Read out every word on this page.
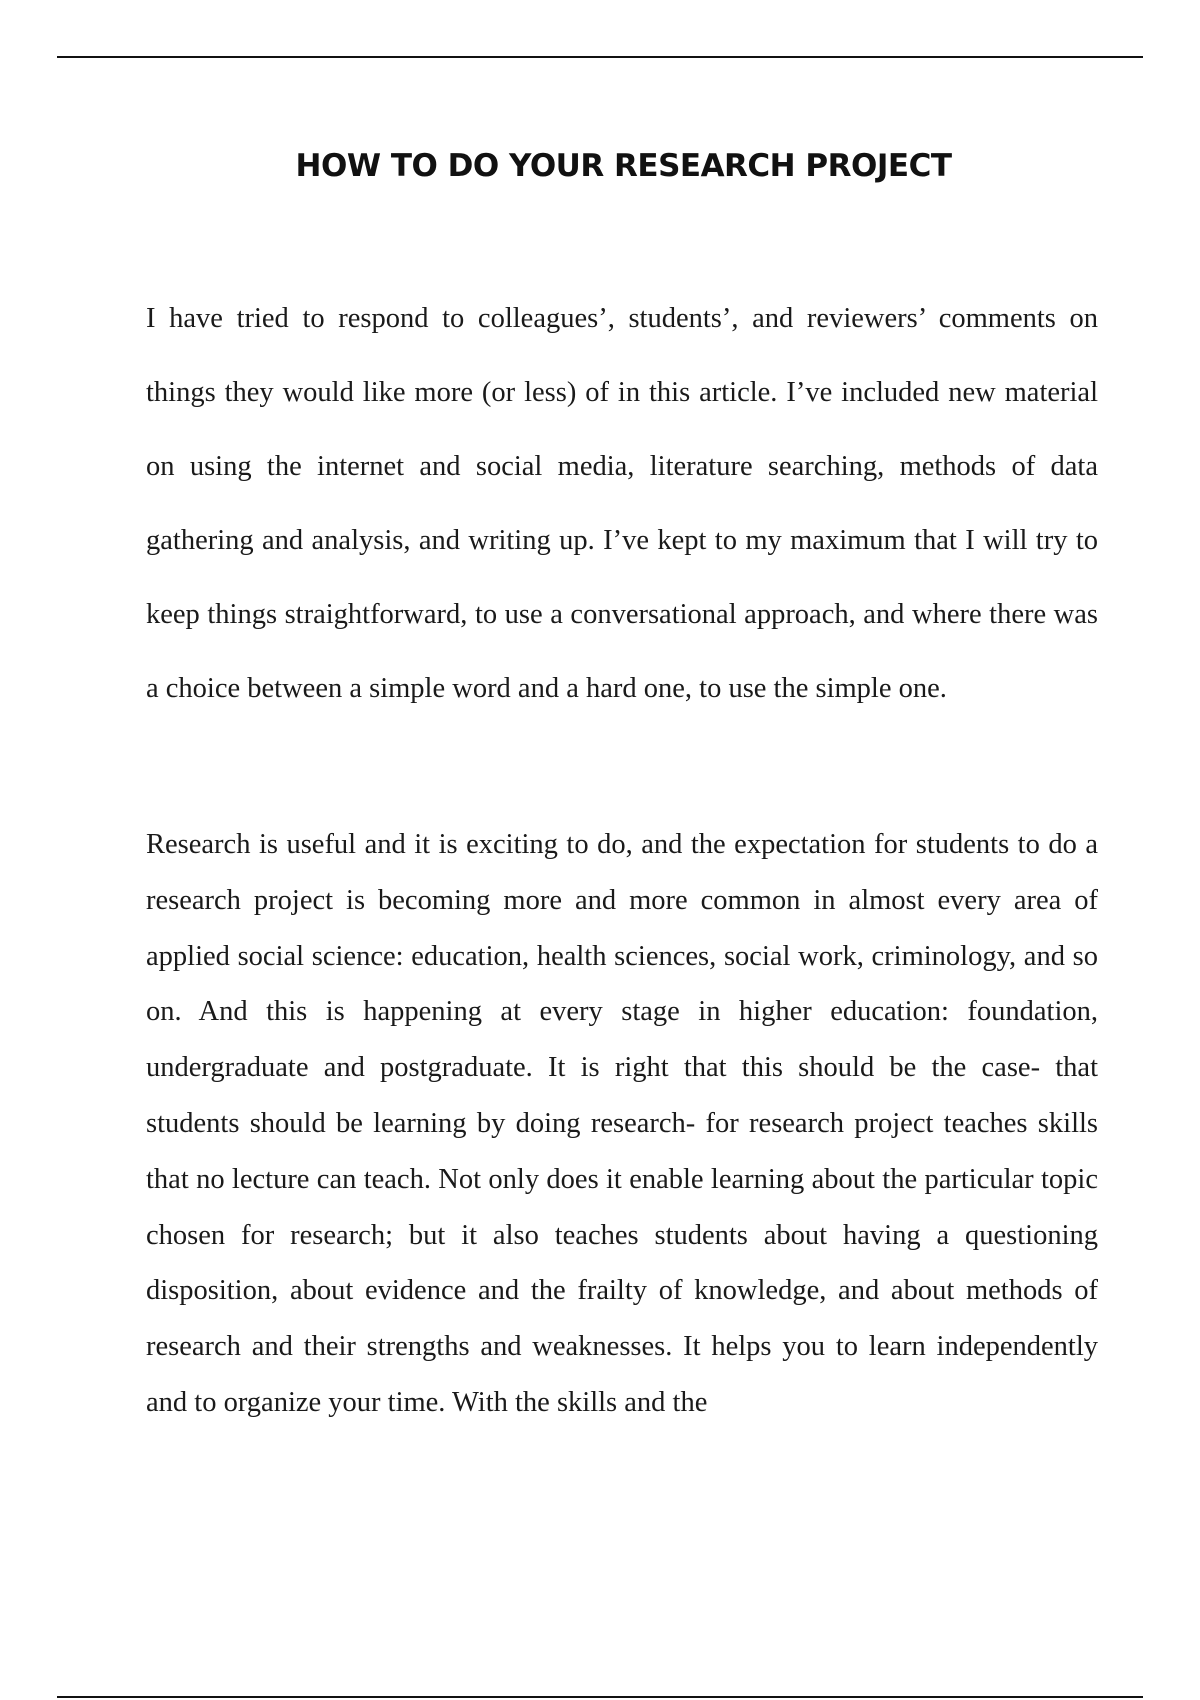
HOW TO DO YOUR RESEARCH PROJECT

I have tried to respond to colleagues’, students’, and reviewers’ comments on things they would like more (or less) of in this article. I’ve included new material on using the internet and social media, literature searching, methods of data gathering and analysis, and writing up. I’ve kept to my maximum that I will try to keep things straightforward, to use a conversational approach, and where there was a choice between a simple word and a hard one, to use the simple one.

Research is useful and it is exciting to do, and the expectation for students to do a research project is becoming more and more common in almost every area of applied social science: education, health sciences, social work, criminology, and so on. And this is happening at every stage in higher education: foundation, undergraduate and postgraduate. It is right that this should be the case- that students should be learning by doing research- for research project teaches skills that no lecture can teach. Not only does it enable learning about the particular topic chosen for research; but it also teaches students about having a questioning disposition, about evidence and the frailty of knowledge, and about methods of research and their strengths and weaknesses. It helps you to learn independently and to organize your time. With the skills and the
